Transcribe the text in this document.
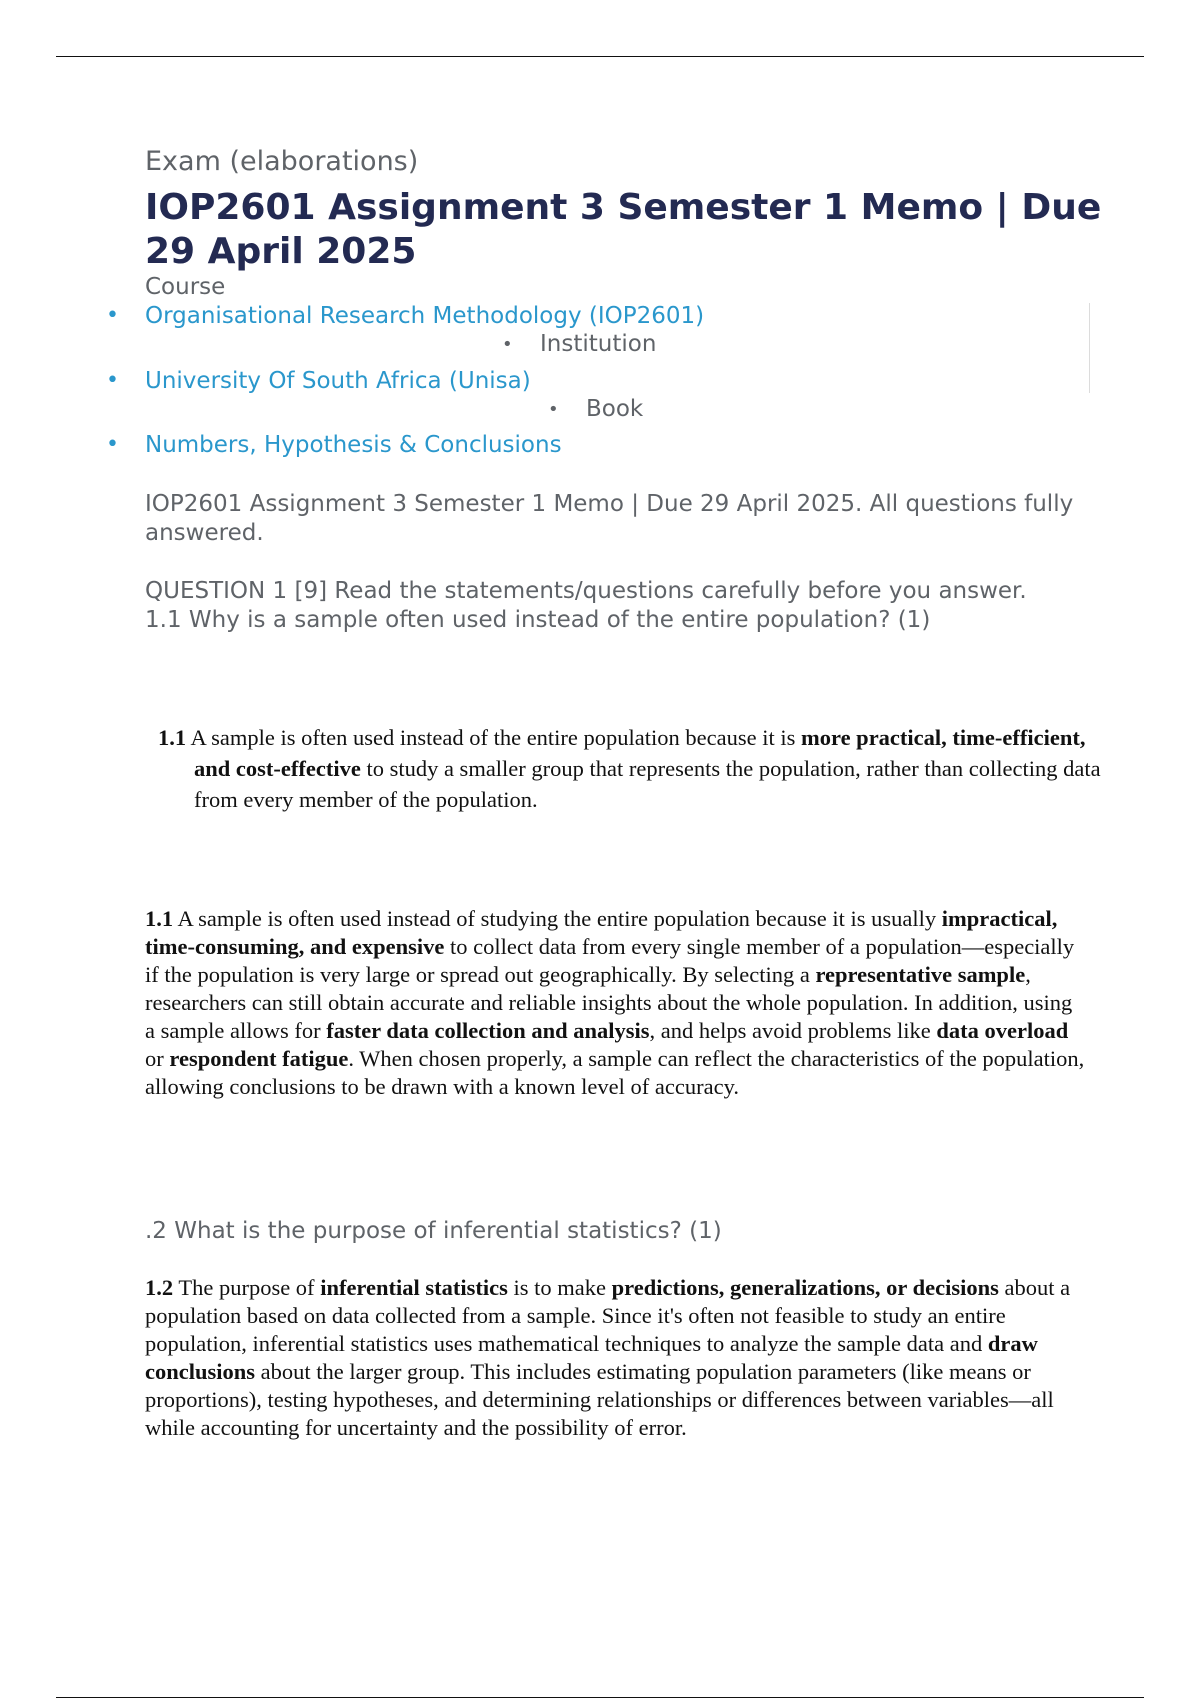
Exam (elaborations)
IOP2601 Assignment 3 Semester 1 Memo | Due 29 April 2025
Course
• Organisational Research Methodology (IOP2601)
• Institution
• University Of South Africa (Unisa)
• Book
• Numbers, Hypothesis & Conclusions

IOP2601 Assignment 3 Semester 1 Memo | Due 29 April 2025. All questions fully answered.

QUESTION 1 [9] Read the statements/questions carefully before you answer.
1.1 Why is a sample often used instead of the entire population? (1)

1.1 A sample is often used instead of the entire population because it is more practical, time-efficient, and cost-effective to study a smaller group that represents the population, rather than collecting data from every member of the population.

1.1 A sample is often used instead of studying the entire population because it is usually impractical, time-consuming, and expensive to collect data from every single member of a population—especially if the population is very large or spread out geographically. By selecting a representative sample, researchers can still obtain accurate and reliable insights about the whole population. In addition, using a sample allows for faster data collection and analysis, and helps avoid problems like data overload or respondent fatigue. When chosen properly, a sample can reflect the characteristics of the population, allowing conclusions to be drawn with a known level of accuracy.

.2 What is the purpose of inferential statistics? (1)

1.2 The purpose of inferential statistics is to make predictions, generalizations, or decisions about a population based on data collected from a sample. Since it's often not feasible to study an entire population, inferential statistics uses mathematical techniques to analyze the sample data and draw conclusions about the larger group. This includes estimating population parameters (like means or proportions), testing hypotheses, and determining relationships or differences between variables—all while accounting for uncertainty and the possibility of error.
